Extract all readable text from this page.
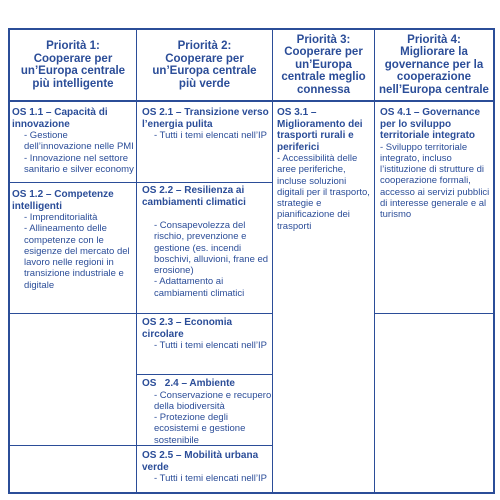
Priorità 1:
Cooperare per
un’Europa centrale
più intelligente
Priorità 2:
Cooperare per
un’Europa centrale
più verde
Priorità 3:
Cooperare per
un’Europa
centrale meglio
connessa
Priorità 4:
Migliorare la
governance per la
cooperazione
nell’Europa centrale
OS 1.1 – Capacità di innovazione
- Gestione dell’innovazione nelle PMI
- Innovazione nel settore sanitario e silver economy
OS 1.2 – Competenze intelligenti
- Imprenditorialità
- Allineamento delle competenze con le esigenze del mercato del lavoro nelle regioni in transizione industriale e digitale
OS 2.1 – Transizione verso l’energia pulita
- Tutti i temi elencati nell’IP
OS 2.2 – Resilienza ai cambiamenti climatici
- Consapevolezza del rischio, prevenzione e gestione (es. incendi boschivi, alluvioni, frane ed erosione)
- Adattamento ai cambiamenti climatici
OS 2.3 – Economia circolare
- Tutti i temi elencati nell’IP
OS   2.4 – Ambiente
- Conservazione e recupero della biodiversità
- Protezione degli ecosistemi e gestione sostenibile
OS 2.5 – Mobilità urbana verde
- Tutti i temi elencati nell’IP
OS 3.1 – Miglioramento dei trasporti rurali e periferici
- Accessibilità delle aree periferiche, incluse soluzioni digitali per il trasporto, strategie e pianificazione dei trasporti
OS 4.1 – Governance per lo sviluppo territoriale integrato
- Sviluppo territoriale integrato, incluso l’istituzione di strutture di cooperazione formali, accesso ai servizi pubblici di interesse generale e al turismo
